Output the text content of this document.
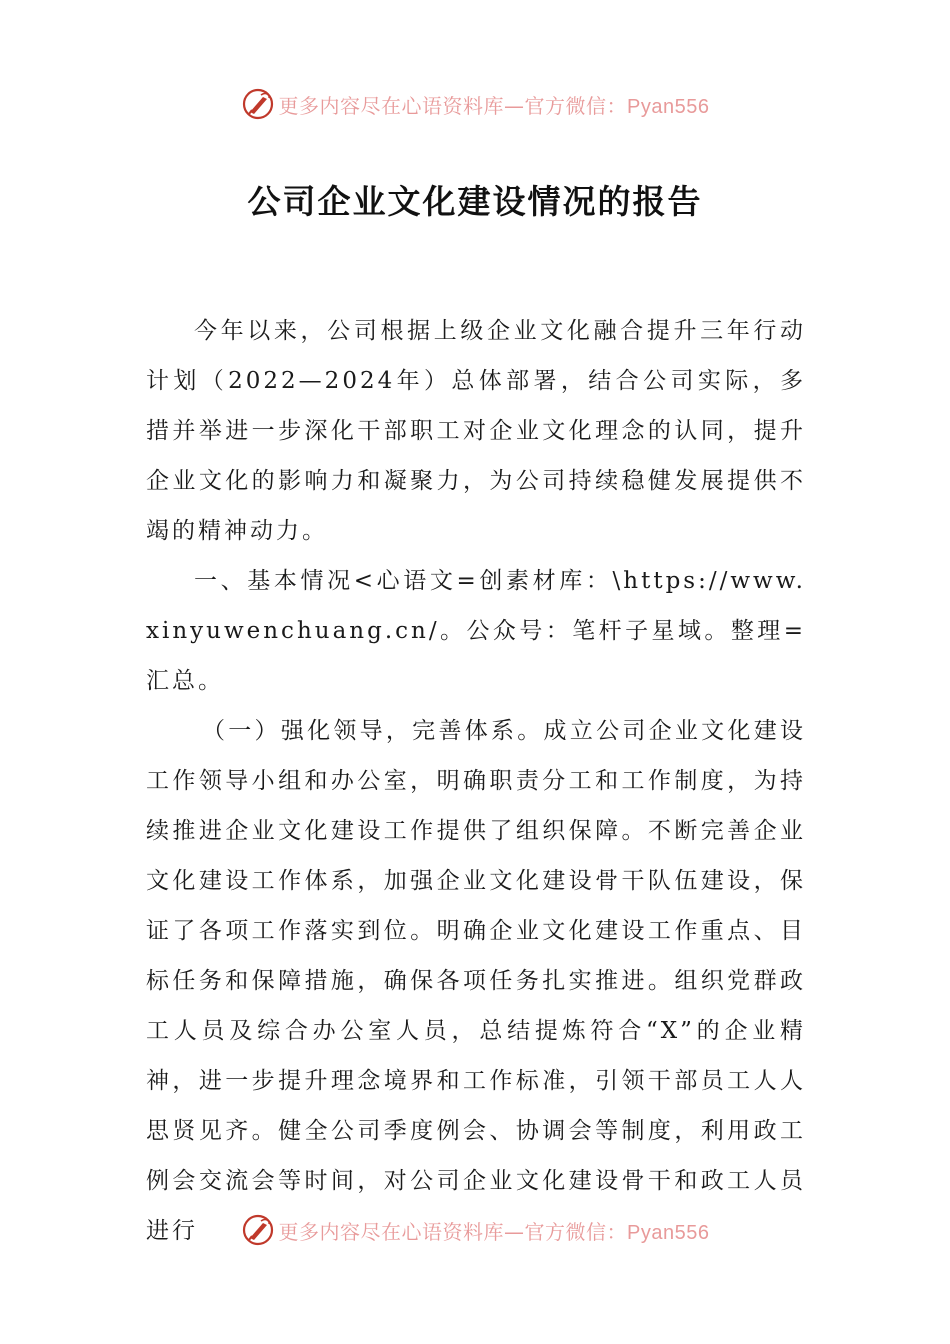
更多内容尽在心语资料库—官方微信：Pyan556
公司企业文化建设情况的报告

今年以来，公司根据上级企业文化融合提升三年行动计划（2022—2024年）总体部署，结合公司实际，多措并举进一步深化干部职工对企业文化理念的认同，提升企业文化的影响力和凝聚力，为公司持续稳健发展提供不竭的精神动力。

一、基本情况<心语文=创素材库：\https://www.xinyuwenchuang.cn/。公众号：笔杆子星域。整理=汇总。

（一）强化领导，完善体系。成立公司企业文化建设工作领导小组和办公室，明确职责分工和工作制度，为持续推进企业文化建设工作提供了组织保障。不断完善企业文化建设工作体系，加强企业文化建设骨干队伍建设，保证了各项工作落实到位。明确企业文化建设工作重点、目标任务和保障措施，确保各项任务扎实推进。组织党群政工人员及综合办公室人员，总结提炼符合“X”的企业精神，进一步提升理念境界和工作标准，引领干部员工人人思贤见齐。健全公司季度例会、协调会等制度，利用政工例会交流会等时间，对公司企业文化建设骨干和政工人员进行	更多内容尽在心语资料库—官方微信：Pyan556
